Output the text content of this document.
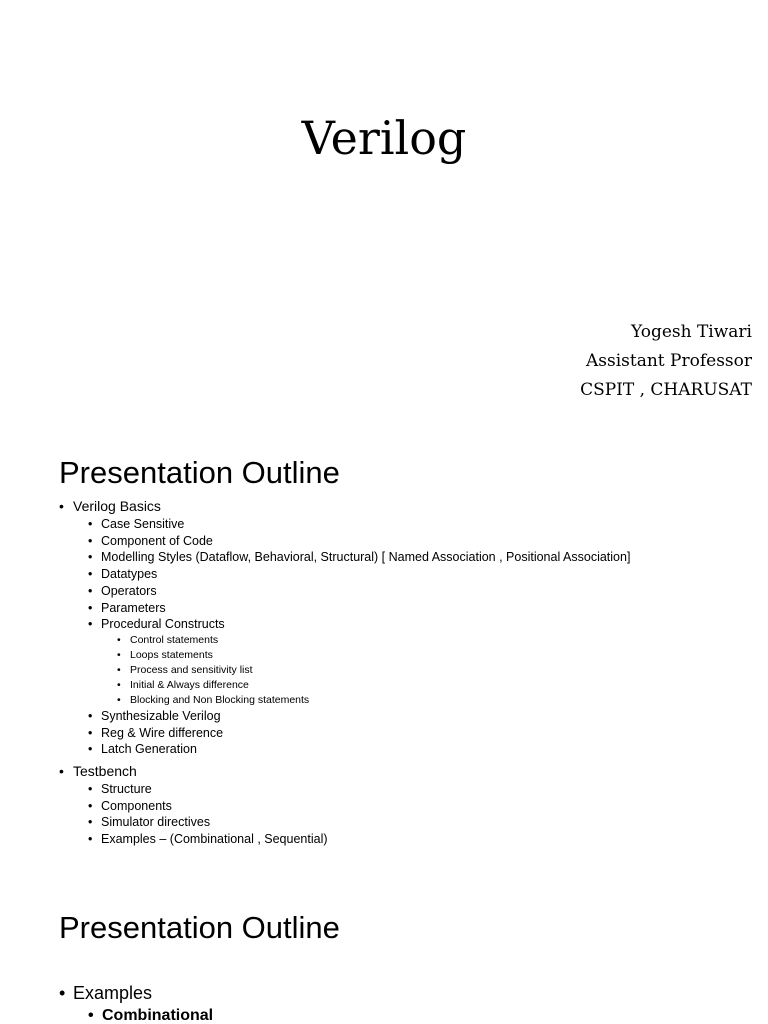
Verilog
Yogesh Tiwari
Assistant Professor
CSPIT , CHARUSAT
Presentation Outline
• Verilog Basics
• Case Sensitive
• Component of Code
• Modelling Styles (Dataflow, Behavioral, Structural) [ Named Association , Positional Association]
• Datatypes
• Operators
• Parameters
• Procedural Constructs
• Control statements
• Loops statements
• Process and sensitivity list
• Initial & Always difference
• Blocking and Non Blocking statements
• Synthesizable Verilog
• Reg & Wire difference
• Latch Generation
• Testbench
• Structure
• Components
• Simulator directives
• Examples – (Combinational , Sequential)
Presentation Outline
• Examples
• Combinational
